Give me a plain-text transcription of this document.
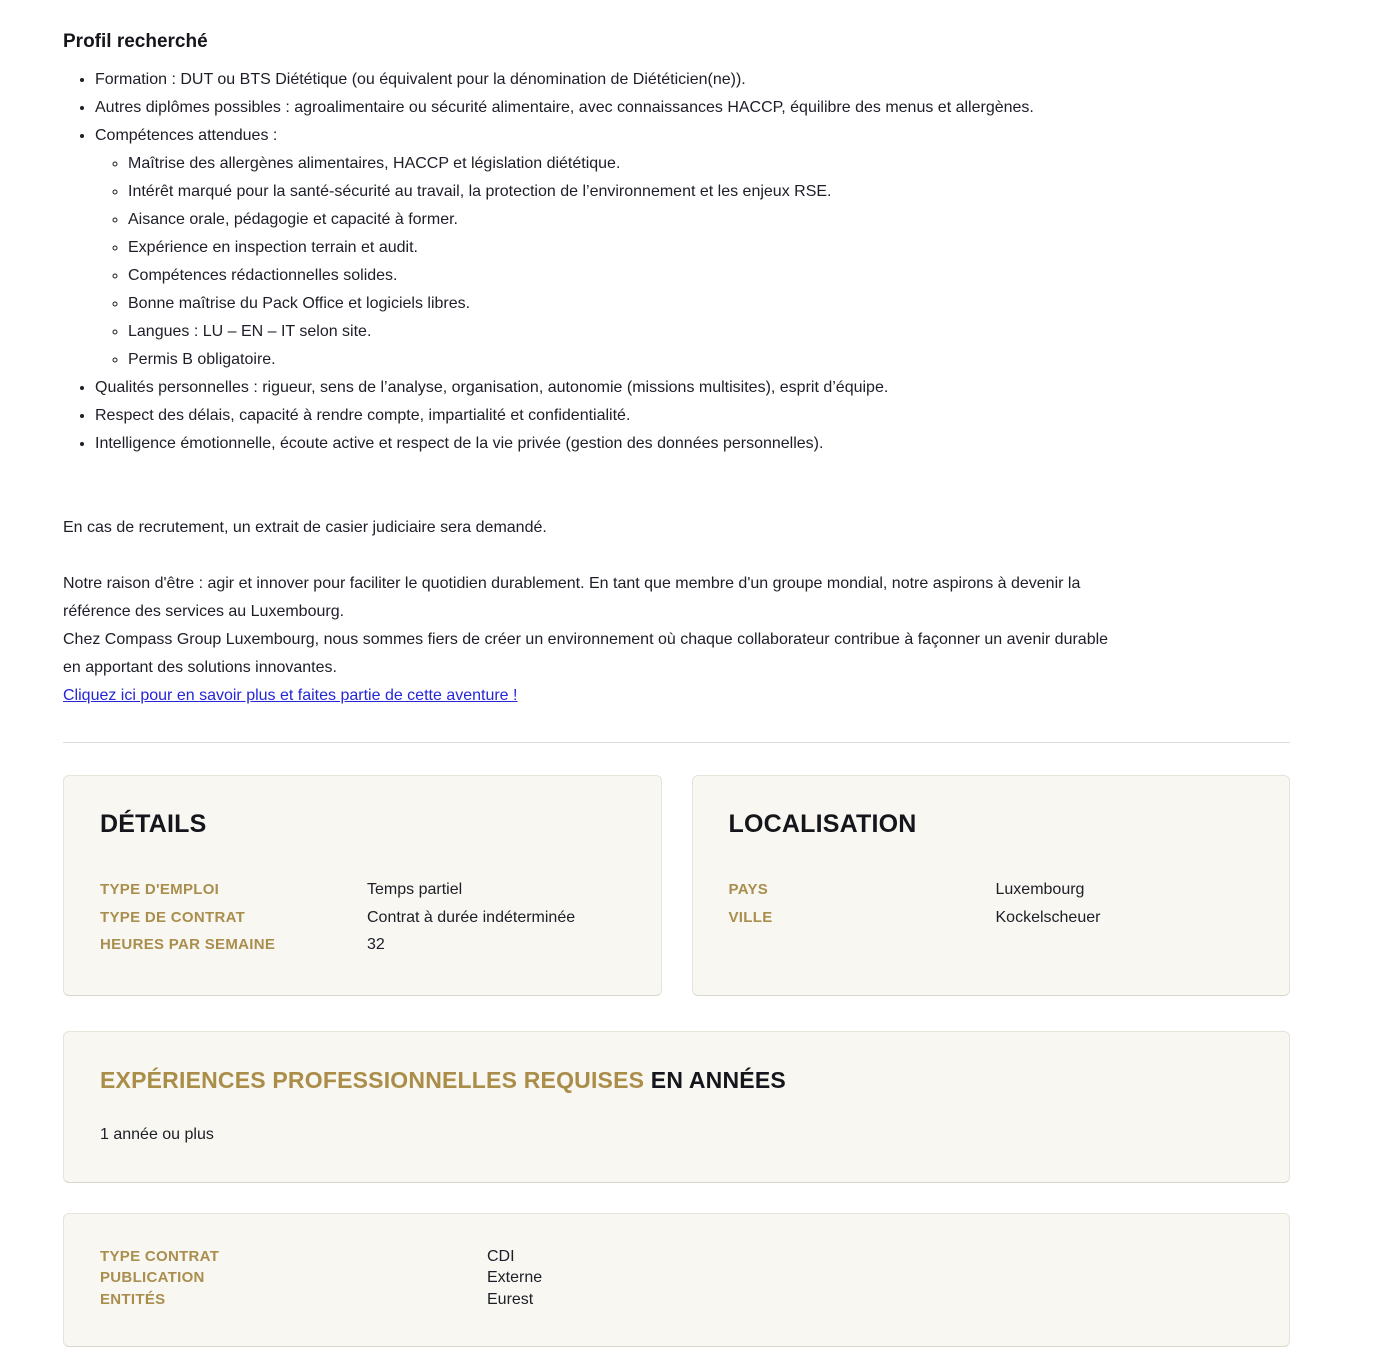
Profil recherché
• Formation : DUT ou BTS Diététique (ou équivalent pour la dénomination de Diététicien(ne)).
• Autres diplômes possibles : agroalimentaire ou sécurité alimentaire, avec connaissances HACCP, équilibre des menus et allergènes.
• Compétences attendues :
◦ Maîtrise des allergènes alimentaires, HACCP et législation diététique.
◦ Intérêt marqué pour la santé-sécurité au travail, la protection de l’environnement et les enjeux RSE.
◦ Aisance orale, pédagogie et capacité à former.
◦ Expérience en inspection terrain et audit.
◦ Compétences rédactionnelles solides.
◦ Bonne maîtrise du Pack Office et logiciels libres.
◦ Langues : LU – EN – IT selon site.
◦ Permis B obligatoire.
• Qualités personnelles : rigueur, sens de l’analyse, organisation, autonomie (missions multisites), esprit d’équipe.
• Respect des délais, capacité à rendre compte, impartialité et confidentialité.
• Intelligence émotionnelle, écoute active et respect de la vie privée (gestion des données personnelles).

En cas de recrutement, un extrait de casier judiciaire sera demandé.

Notre raison d'être : agir et innover pour faciliter le quotidien durablement. En tant que membre d'un groupe mondial, notre aspirons à devenir la
référence des services au Luxembourg.
Chez Compass Group Luxembourg, nous sommes fiers de créer un environnement où chaque collaborateur contribue à façonner un avenir durable
en apportant des solutions innovantes.
Cliquez ici pour en savoir plus et faites partie de cette aventure !
DÉTAILS
TYPE D'EMPLOI	Temps partiel
TYPE DE CONTRAT	Contrat à durée indéterminée
HEURES PAR SEMAINE	32
LOCALISATION
PAYS	Luxembourg
VILLE	Kockelscheuer
EXPÉRIENCES PROFESSIONNELLES REQUISES EN ANNÉES

1 année ou plus

TYPE CONTRAT	CDI
PUBLICATION	Externe
ENTITÉS	Eurest
